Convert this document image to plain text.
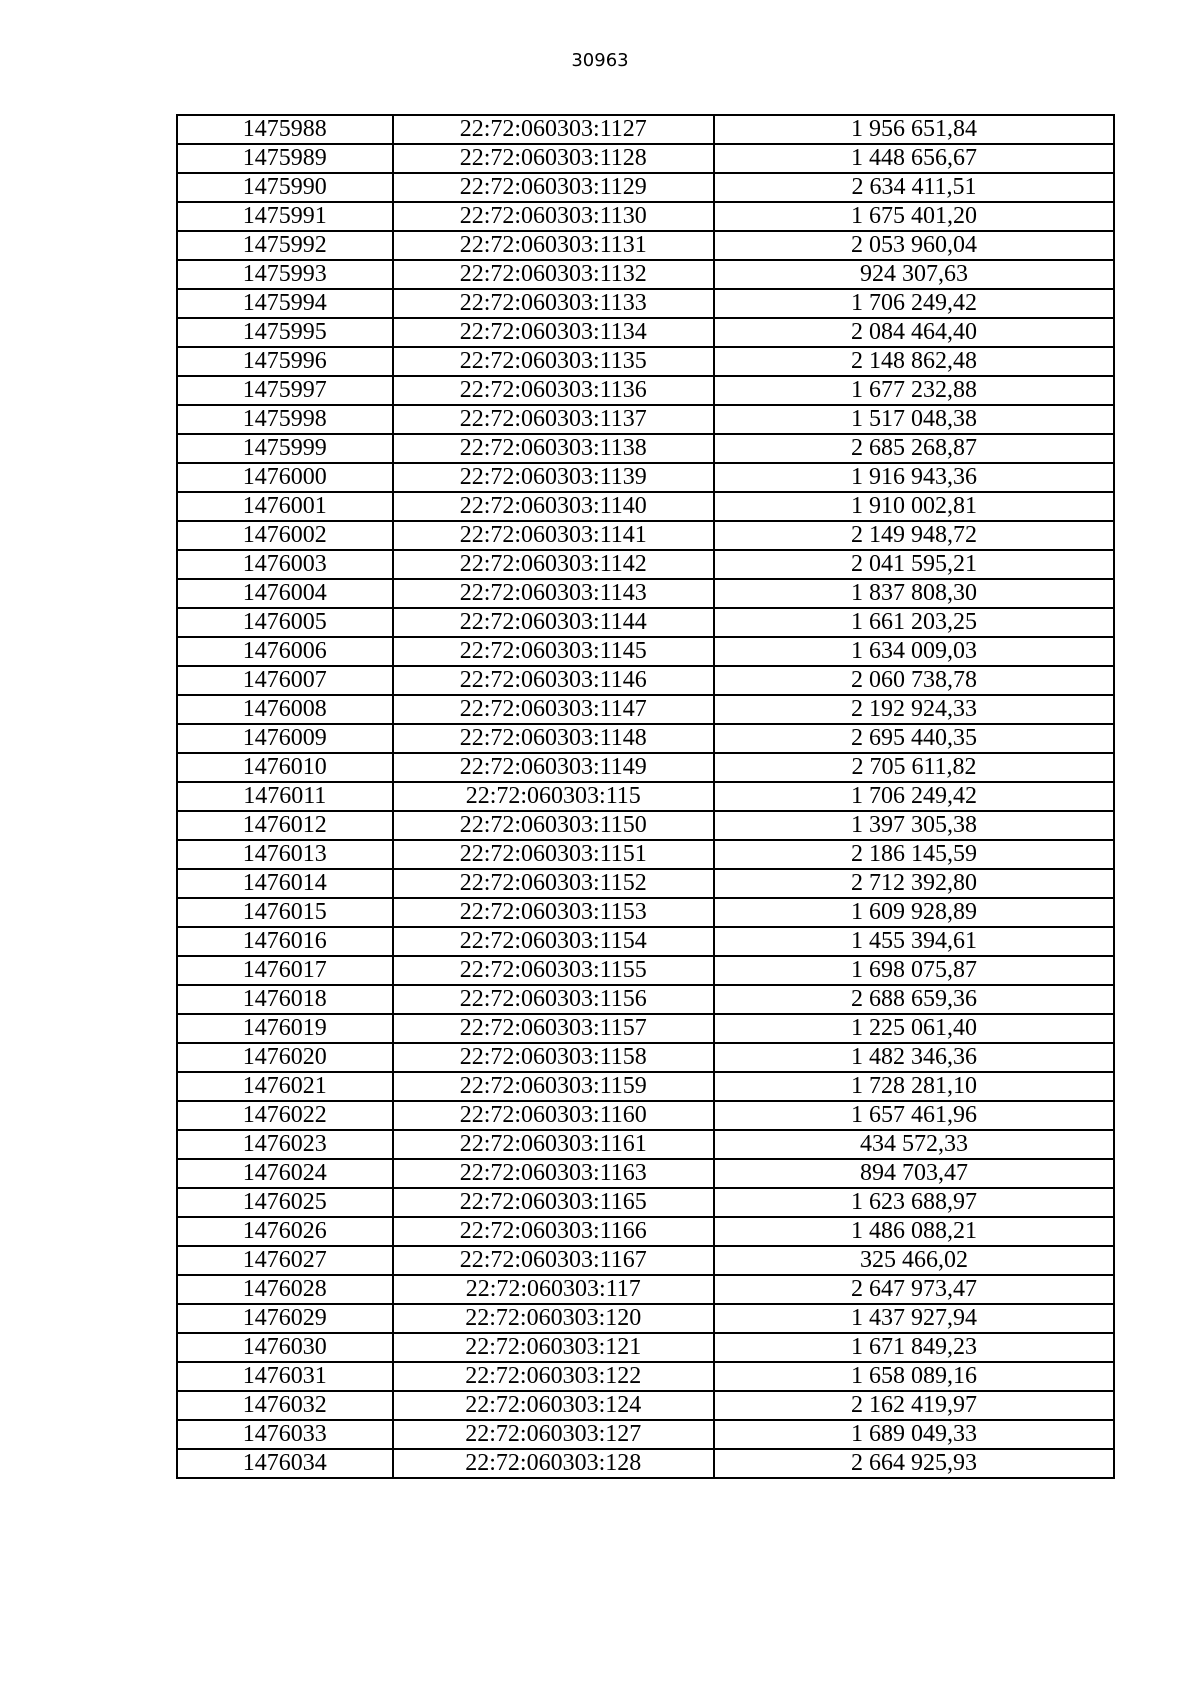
30963
1475988	22:72:060303:1127	1 956 651,84
1475989	22:72:060303:1128	1 448 656,67
1475990	22:72:060303:1129	2 634 411,51
1475991	22:72:060303:1130	1 675 401,20
1475992	22:72:060303:1131	2 053 960,04
1475993	22:72:060303:1132	924 307,63
1475994	22:72:060303:1133	1 706 249,42
1475995	22:72:060303:1134	2 084 464,40
1475996	22:72:060303:1135	2 148 862,48
1475997	22:72:060303:1136	1 677 232,88
1475998	22:72:060303:1137	1 517 048,38
1475999	22:72:060303:1138	2 685 268,87
1476000	22:72:060303:1139	1 916 943,36
1476001	22:72:060303:1140	1 910 002,81
1476002	22:72:060303:1141	2 149 948,72
1476003	22:72:060303:1142	2 041 595,21
1476004	22:72:060303:1143	1 837 808,30
1476005	22:72:060303:1144	1 661 203,25
1476006	22:72:060303:1145	1 634 009,03
1476007	22:72:060303:1146	2 060 738,78
1476008	22:72:060303:1147	2 192 924,33
1476009	22:72:060303:1148	2 695 440,35
1476010	22:72:060303:1149	2 705 611,82
1476011	22:72:060303:115	1 706 249,42
1476012	22:72:060303:1150	1 397 305,38
1476013	22:72:060303:1151	2 186 145,59
1476014	22:72:060303:1152	2 712 392,80
1476015	22:72:060303:1153	1 609 928,89
1476016	22:72:060303:1154	1 455 394,61
1476017	22:72:060303:1155	1 698 075,87
1476018	22:72:060303:1156	2 688 659,36
1476019	22:72:060303:1157	1 225 061,40
1476020	22:72:060303:1158	1 482 346,36
1476021	22:72:060303:1159	1 728 281,10
1476022	22:72:060303:1160	1 657 461,96
1476023	22:72:060303:1161	434 572,33
1476024	22:72:060303:1163	894 703,47
1476025	22:72:060303:1165	1 623 688,97
1476026	22:72:060303:1166	1 486 088,21
1476027	22:72:060303:1167	325 466,02
1476028	22:72:060303:117	2 647 973,47
1476029	22:72:060303:120	1 437 927,94
1476030	22:72:060303:121	1 671 849,23
1476031	22:72:060303:122	1 658 089,16
1476032	22:72:060303:124	2 162 419,97
1476033	22:72:060303:127	1 689 049,33
1476034	22:72:060303:128	2 664 925,93
